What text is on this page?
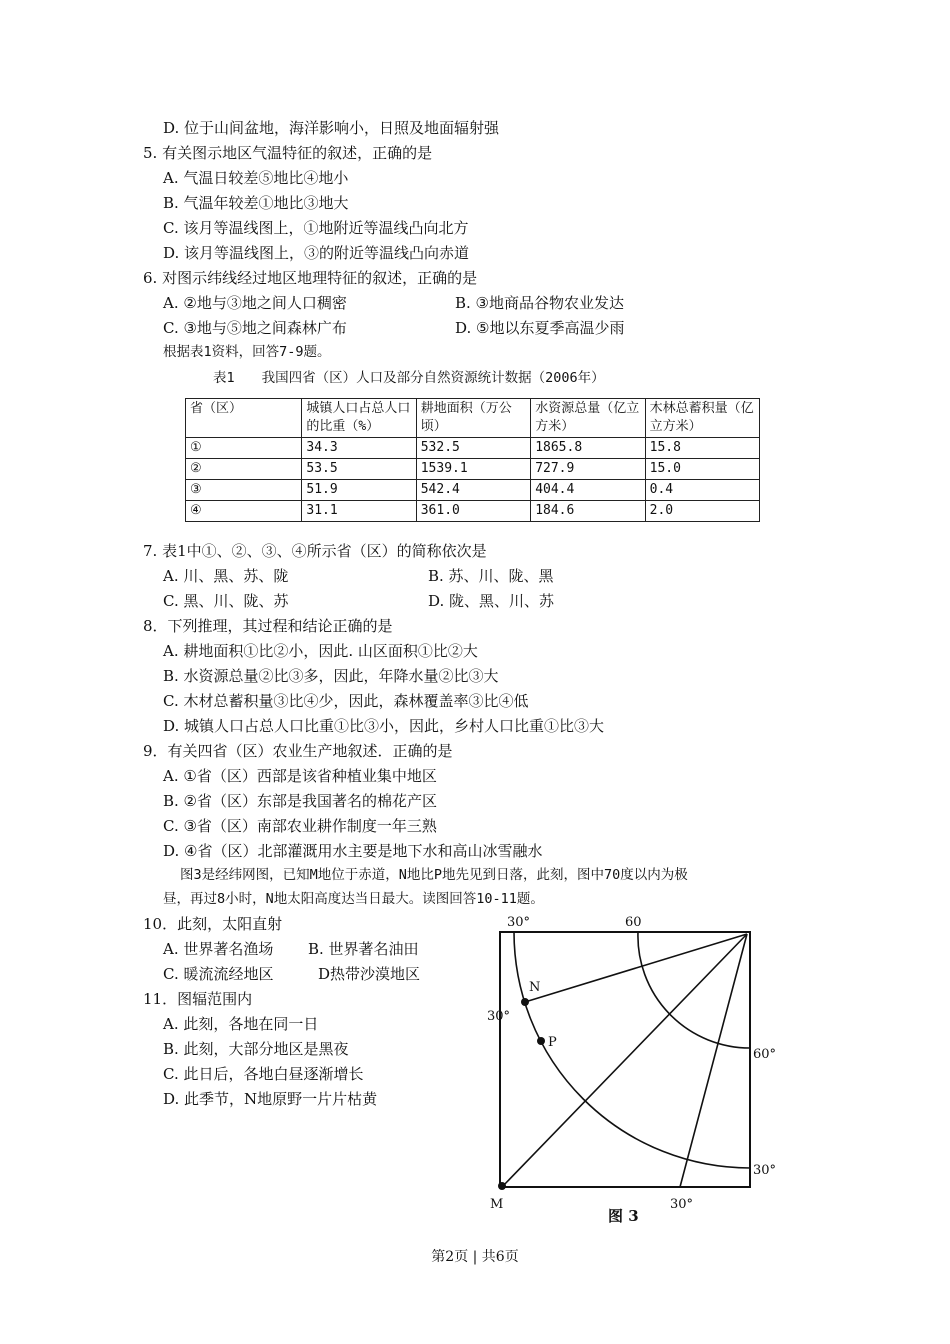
D. 位于山间盆地，海洋影响小，日照及地面辐射强
5. 有关图示地区气温特征的叙述，正确的是
A. 气温日较差⑤地比④地小
B. 气温年较差①地比③地大
C. 该月等温线图上，①地附近等温线凸向北方
D. 该月等温线图上，③的附近等温线凸向赤道
6. 对图示纬线经过地区地理特征的叙述，正确的是
A. ②地与③地之间人口稠密	B. ③地商品谷物农业发达
C. ③地与⑤地之间森林广布	D. ⑤地以东夏季高温少雨
根据表1资料，回答7-9题。
表1　　我国四省（区）人口及部分自然资源统计数据（2006年）
省（区）	城镇人口占总人口的比重（%）	耕地面积（万公顷）	水资源总量（亿立方米）	木林总蓄积量（亿立方米）
①	34.3	532.5	1865.8	15.8
②	53.5	1539.1	727.9	15.0
③	51.9	542.4	404.4	0.4
④	31.1	361.0	184.6	2.0
7. 表1中①、②、③、④所示省（区）的简称依次是
A. 川、黑、苏、陇	B. 苏、川、陇、黑
C. 黑、川、陇、苏	D. 陇、黑、川、苏
8．下列推理，其过程和结论正确的是
A. 耕地面积①比②小，因此. 山区面积①比②大
B. 水资源总量②比③多，因此，年降水量②比③大
C. 木材总蓄积量③比④少，因此，森林覆盖率③比④低
D. 城镇人口占总人口比重①比③小，因此，乡村人口比重①比③大
9．有关四省（区）农业生产地叙述．正确的是
A. ①省（区）西部是该省种植业集中地区
B. ②省（区）东部是我国著名的棉花产区
C. ③省（区）南部农业耕作制度一年三熟
D. ④省（区）北部灌溉用水主要是地下水和高山冰雪融水
图3是经纬网图，已知M地位于赤道，N地比P地先见到日落，此刻，图中70度以内为极
昼，再过8小时，N地太阳高度达当日最大。读图回答10-11题。
10．此刻，太阳直射
A. 世界著名渔场 B. 世界著名油田
C. 暖流流经地区	D热带沙漠地区
11．图辐范围内
A. 此刻，各地在同一日
B. 此刻，大部分地区是黑夜
C. 此日后，各地白昼逐渐增长
D. 此季节，N地原野一片片枯黄
30°	60
30°
60°
30°
30°
M
N
P
图 3
第2页 | 共6页
